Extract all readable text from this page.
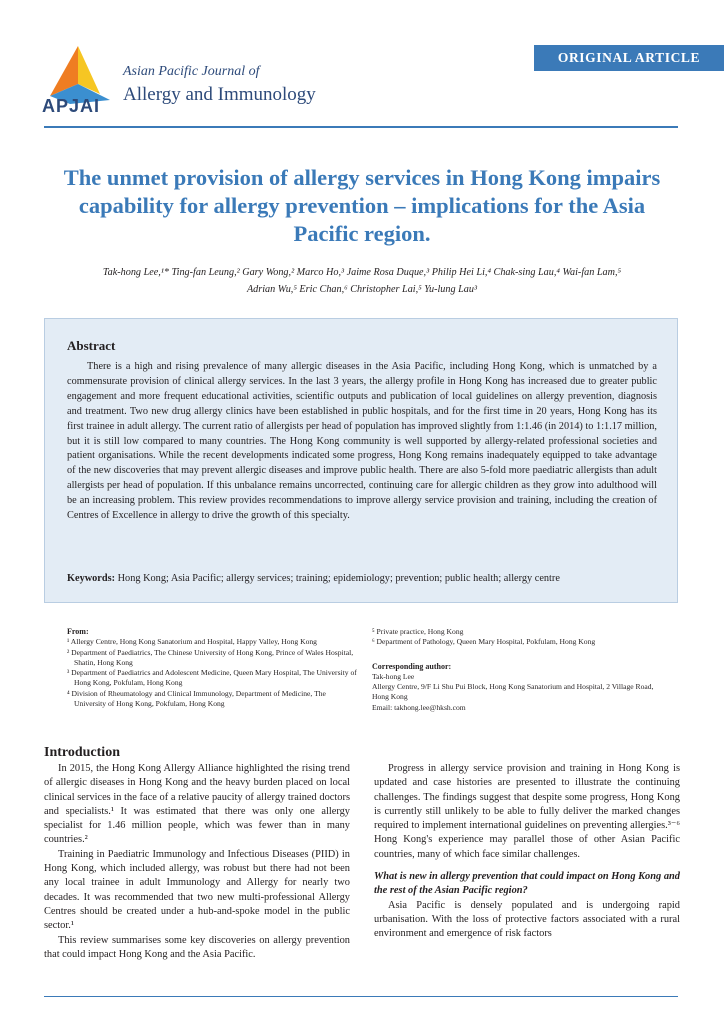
APJAI
Asian Pacific Journal of
Allergy and Immunology
ORIGINAL ARTICLE
The unmet provision of allergy services in Hong Kong impairs capability for allergy prevention – implications for the Asia Pacific region.
Tak-hong Lee,¹* Ting-fan Leung,² Gary Wong,² Marco Ho,³ Jaime Rosa Duque,³ Philip Hei Li,⁴ Chak-sing Lau,⁴ Wai-fan Lam,⁵
Adrian Wu,⁵ Eric Chan,⁶ Christopher Lai,⁵ Yu-lung Lau³
Abstract

There is a high and rising prevalence of many allergic diseases in the Asia Pacific, including Hong Kong, which is unmatched by a commensurate provision of clinical allergy services. In the last 3 years, the allergy profile in Hong Kong has increased due to greater public engagement and more frequent educational activities, scientific outputs and publication of local guidelines on allergy prevention, diagnosis and treatment. Two new drug allergy clinics have been established in public hospitals, and for the first time in 20 years, Hong Kong has its first trainee in adult allergy. The current ratio of allergists per head of population has improved slightly from 1:1.46 (in 2014) to 1:1.17 million, but it is still low compared to many countries. The Hong Kong community is well supported by allergy-related professional societies and patient organisations. While the recent developments indicated some progress, Hong Kong remains inadequately equipped to take advantage of the new discoveries that may prevent allergic diseases and improve public health. There are also 5-fold more paediatric allergists than adult allergists per head of population. If this unbalance remains uncorrected, continuing care for allergic children as they grow into adulthood will be an increasing problem. This review provides recommendations to improve allergy service provision and training, including the creation of Centres of Excellence in allergy to drive the growth of this specialty.

Keywords: Hong Kong; Asia Pacific; allergy services; training; epidemiology; prevention; public health; allergy centre
From:
¹ Allergy Centre, Hong Kong Sanatorium and Hospital, Happy Valley, Hong Kong
² Department of Paediatrics, The Chinese University of Hong Kong, Prince of Wales Hospital, Shatin, Hong Kong
³ Department of Paediatrics and Adolescent Medicine, Queen Mary Hospital, The University of Hong Kong, Pokfulam, Hong Kong
⁴ Division of Rheumatology and Clinical Immunology, Department of Medicine, The University of Hong Kong, Pokfulam, Hong Kong
⁵ Private practice, Hong Kong
⁶ Department of Pathology, Queen Mary Hospital, Pokfulam, Hong Kong
Corresponding author:
Tak-hong Lee
Allergy Centre, 9/F Li Shu Pui Block, Hong Kong Sanatorium and Hospital, 2 Village Road, Hong Kong
Email: takhong.lee@hksh.com
Introduction

In 2015, the Hong Kong Allergy Alliance highlighted the rising trend of allergic diseases in Hong Kong and the heavy burden placed on local clinical services in the face of a relative paucity of allergy trained doctors and specialists.¹ It was estimated that there was only one allergy specialist for 1.46 million people, which was fewer than in many countries.²

Training in Paediatric Immunology and Infectious Diseases (PIID) in Hong Kong, which included allergy, was robust but there had not been any local trainee in adult Immunology and Allergy for nearly two decades. It was recommended that two new multi-professional Allergy Centres should be created under a hub-and-spoke model in the public sector.¹

This review summarises some key discoveries on allergy prevention that could impact Hong Kong and the Asia Pacific.

Progress in allergy service provision and training in Hong Kong is updated and case histories are presented to illustrate the continuing challenges. The findings suggest that despite some progress, Hong Kong is currently still unlikely to be able to fully deliver the marked changes required to implement international guidelines on preventing allergies.³⁻⁶ Hong Kong's experience may parallel those of other Asian Pacific countries, many of which face similar challenges.

What is new in allergy prevention that could impact on Hong Kong and the rest of the Asian Pacific region?

Asia Pacific is densely populated and is undergoing rapid urbanisation. With the loss of protective factors associated with a rural environment and emergence of risk factors
